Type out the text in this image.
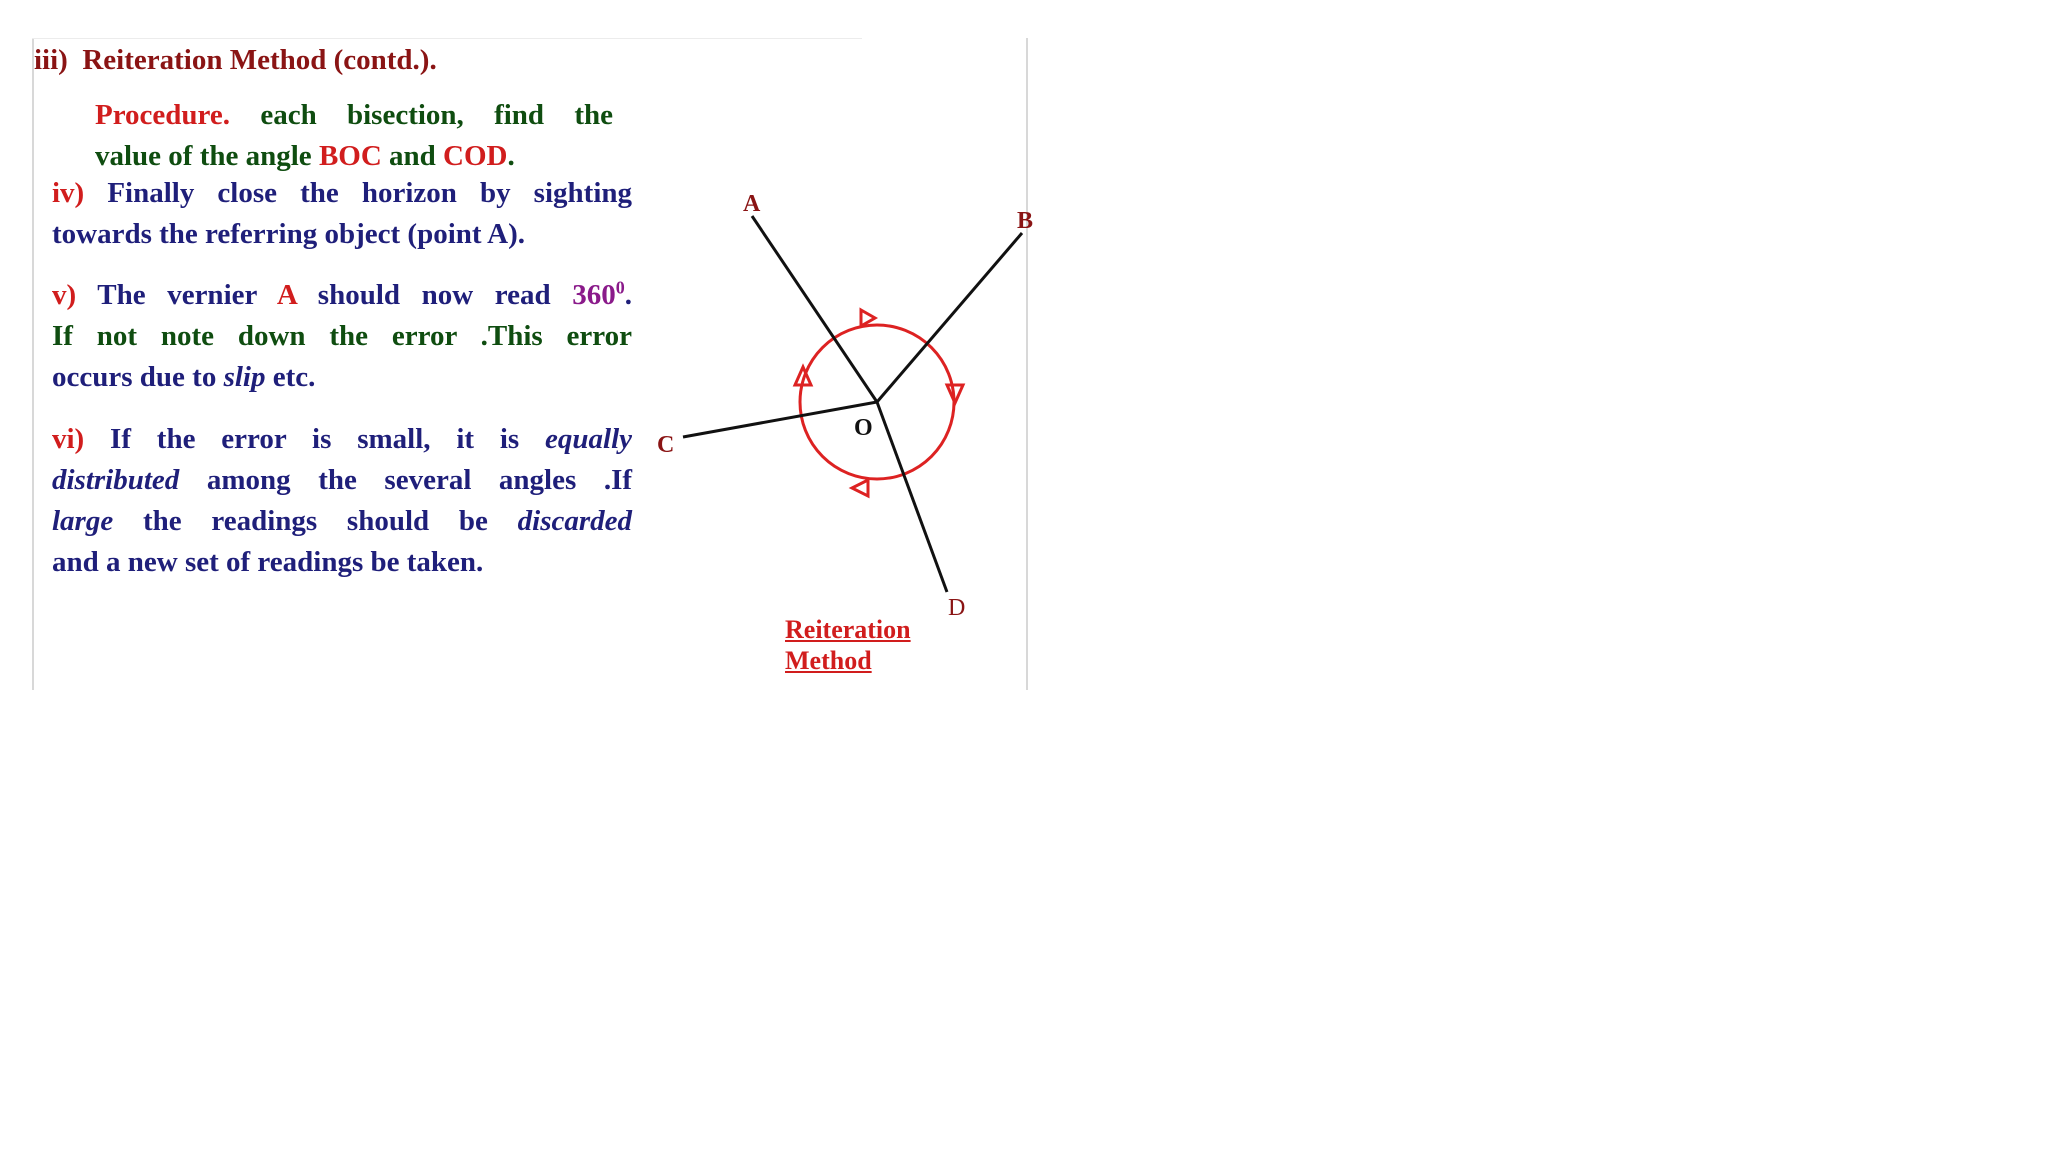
iii) Reiteration Method (contd.).
Procedure. each bisection, find the
value of the angle BOC and COD.
iv) Finally close the horizon by sighting
towards the referring object (point A).
v) The vernier A should now read $360^0$.
If not note down the error .This error
occurs due to slip etc.
vi) If the error is small, it is equally
distributed among the several angles .If
large the readings should be discarded
and a new set of readings be taken.
A
B
C
D
O
Reiteration
Method
